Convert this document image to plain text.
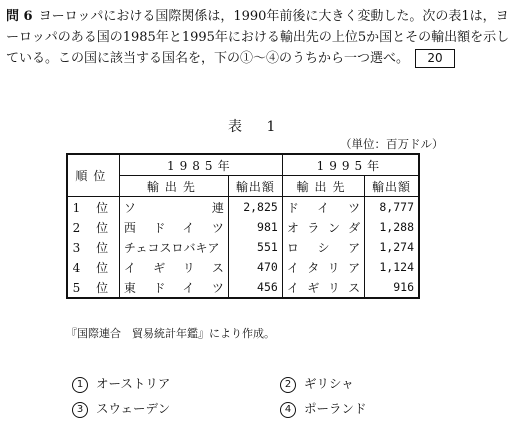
問 6 ヨーロッパにおける国際関係は，1990年前後に大きく変動した。次の表1は，ヨーロッパのある国の1985年と1995年における輸出先の上位5か国とその輸出額を示している。この国に該当する国名を，下の①〜④のうちから一つ選べ。 20
表 1
（単位：百万ドル）
順位	1985年		1995年	
	輸出先	輸出額	輸出先	輸出額
1 位	ソ連	2,825	ドイツ	8,777
2 位	西ドイツ	981	オランダ	1,288
3 位	チェコスロバキア	551	ロシア	1,274
4 位	イギリス	470	イタリア	1,124
5 位	東ドイツ	456	イギリス	916
『国際連合　貿易統計年鑑』により作成。
1 オーストリア	2 ギリシャ
3 スウェーデン	4 ポーランド
